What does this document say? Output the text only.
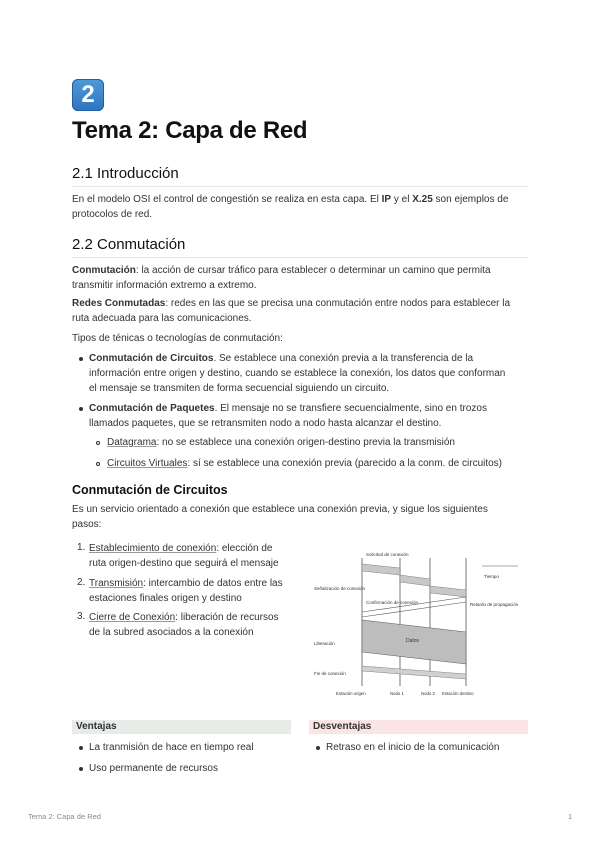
2
Tema 2: Capa de Red
2.1 Introducción
En el modelo OSI el control de congestión se realiza en esta capa. El IP y el X.25 son ejemplos de
protocolos de red.
2.2 Conmutación
Conmutación: la acción de cursar tráfico para establecer o determinar un camino que permita
transmitir información extremo a extremo.
Redes Conmutadas: redes en las que se precisa una conmutación entre nodos para establecer la
ruta adecuada para las comunicaciones.
Tipos de ténicas o tecnologías de conmutación:
Conmutación de Circuitos. Se establece una conexión previa a la transferencia de la
información entre origen y destino, cuando se establece la conexión, los datos que conforman
el mensaje se transmiten de forma secuencial siguiendo un circuito.
Conmutación de Paquetes. El mensaje no se transfiere secuencialmente, sino en trozos
llamados paquetes, que se retransmiten nodo a nodo hasta alcanzar el destino.
Datagrama: no se establece una conexión origen-destino previa la transmisión
Circuitos Virtuales: sí se establece una conexión previa (parecido a la conm. de circuitos)
Conmutación de Circuitos
Es un servicio orientado a conexión que establece una conexión previa, y sigue los siguientes
pasos:
1. Establecimiento de conexión: elección de
ruta origen-destino que seguirá el mensaje
2. Transmisión: intercambio de datos entre las
estaciones finales origen y destino
3. Cierre de Conexión: liberación de recursos
de la subred asociados a la conexión
Datos
Solicitud de conexión
Señalización de conexión
Confirmación de conexión
Liberación
Fin de conexión
Tiempo
Retardo de propagación
Estación origen	Nodo 1	Nodo 2 Estación destino
Ventajas	Desventajas
La tranmisión de hace en tiempo real
Uso permanente de recursos
Retraso en el inicio de la comunicación
Tema 2: Capa de Red	1
